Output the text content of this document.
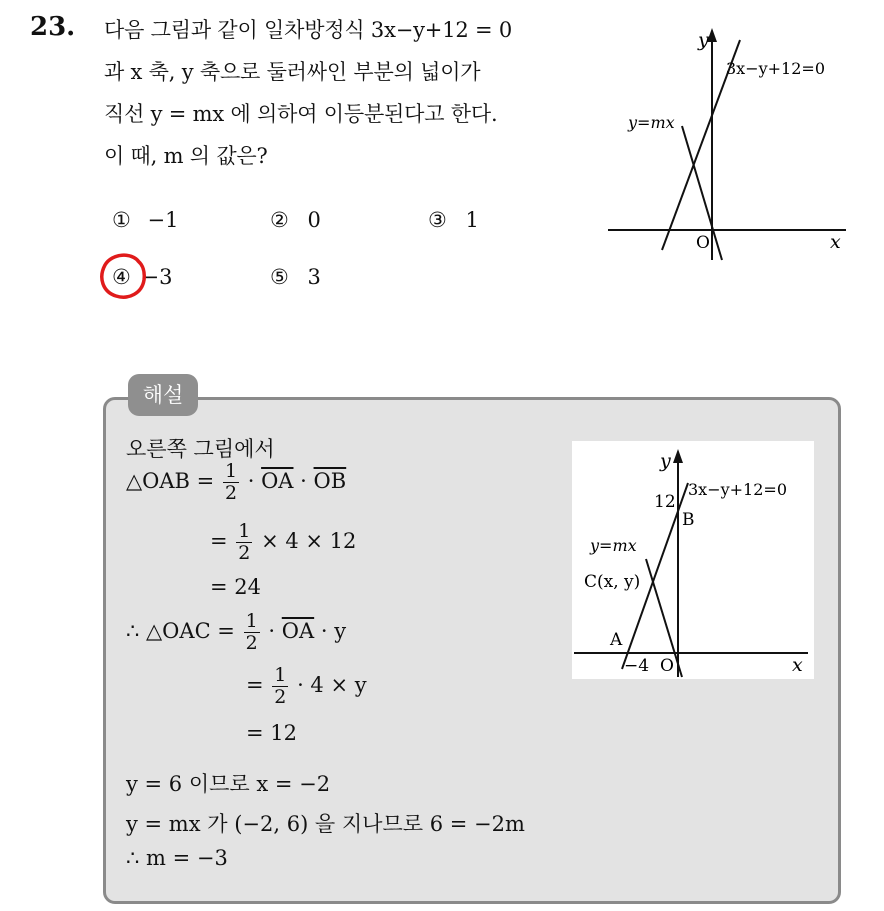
23. 다음 그림과 같이 일차방정식 3x−y+12 = 0
과 x 축, y 축으로 둘러싸인 부분의 넓이가
직선 y = mx 에 의하여 이등분된다고 한다.
이 때, m 의 값은?
① −1	② 0	③ 1
④ −3	⑤ 3
y
x
O
3x−y+12=0
y=mx
해설
오른쪽 그림에서
△OAB = $\frac{1}{2} \cdot \overline{OA} \cdot \overline{OB}$
= $\frac{1}{2} \times 4 \times 12$
= 24
∴ △OAC = $\frac{1}{2} \cdot \overline{OA} \cdot y$
= $\frac{1}{2} \cdot 4 \times y$
= 12
y = 6 이므로 x = −2
y = mx 가 (−2, 6) 을 지나므로 6 = −2m
∴ m = −3
y
x
O
3x−y+12=0
12
B
y=mx
C(x, y)
A
−4
